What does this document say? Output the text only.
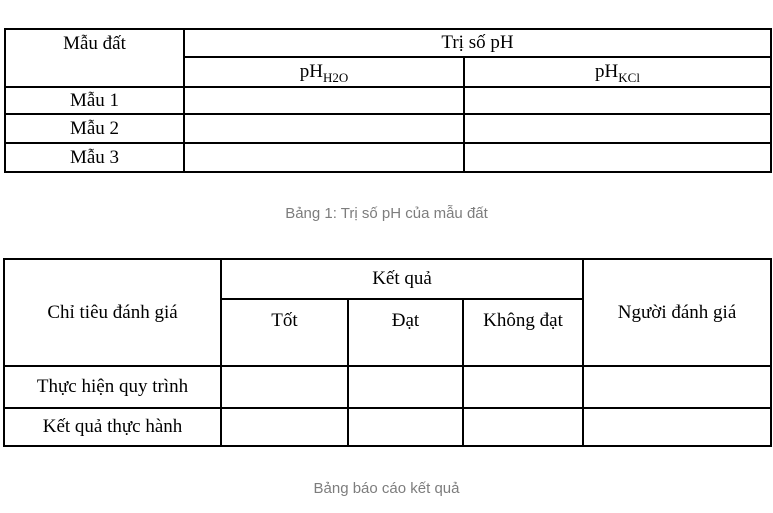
Mẫu đất	Trị số pH	
	$pH_{H2O}$	$pH_{KCl}$
Mẫu 1		
Mẫu 2		
Mẫu 3		
Bảng 1: Trị số pH của mẫu đất
Chỉ tiêu đánh giá	Kết quả			Người đánh giá
	Tốt	Đạt	Không đạt	
Thực hiện quy trình				
Kết quả thực hành				
Bảng báo cáo kết quả
